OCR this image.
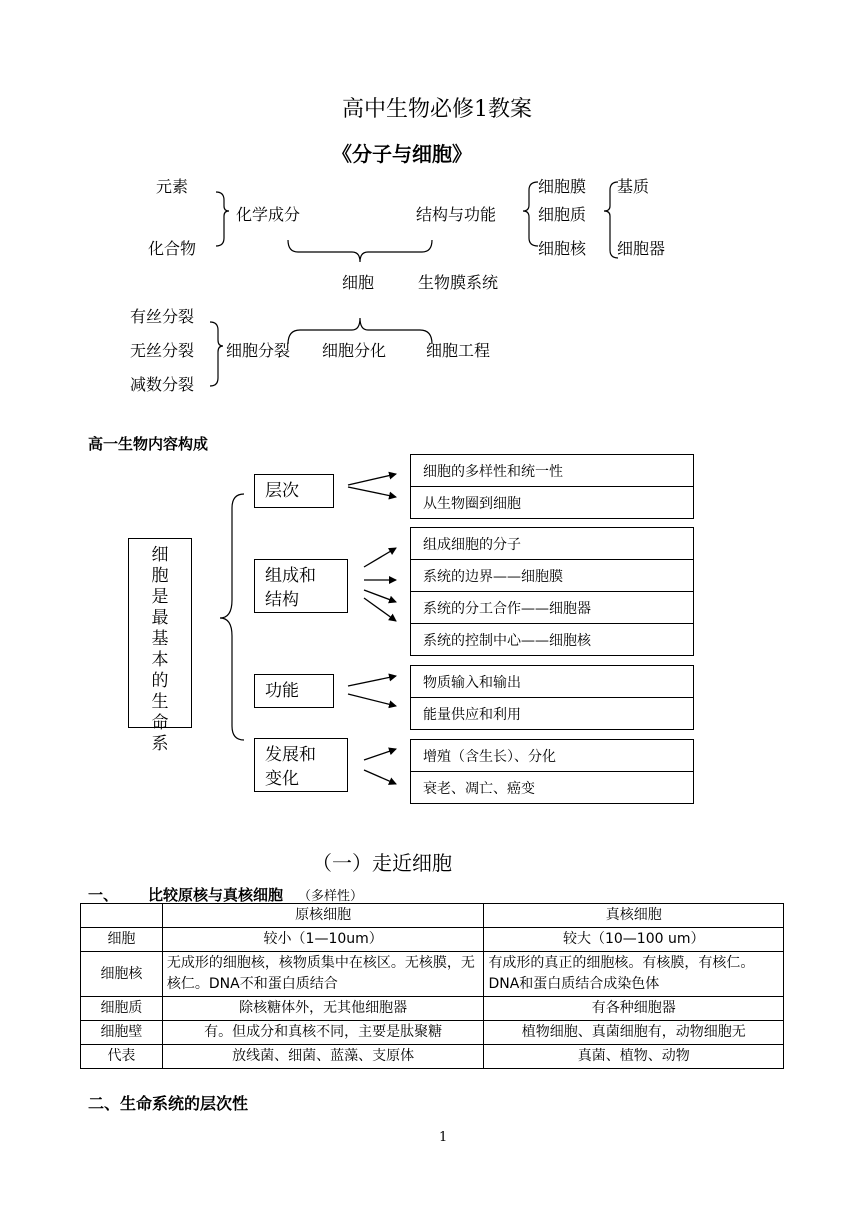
高中生物必修1教案
《分子与细胞》
元素
化合物
化学成分	结构与功能
细胞膜
细胞质
细胞核
基质
细胞器
细胞	生物膜系统
有丝分裂
无丝分裂
减数分裂
细胞分裂 细胞分化 细胞工程
高一生物内容构成
细
胞
是
最
基
本
的
生
命
系
层次
组成和
结构
功能
发展和
变化
细胞的多样性和统一性
从生物圈到细胞
组成细胞的分子
系统的边界——细胞膜
系统的分工合作——细胞器
系统的控制中心——细胞核
物质输入和输出
能量供应和利用
增殖（含生长）、分化
衰老、凋亡、癌变
（一）走近细胞
一、 比较原核与真核细胞 （多样性）
	原核细胞	真核细胞
细胞	较小（1—10um）	较大（10—100 um）
细胞核	无成形的细胞核，核物质集中在核区。无核膜，无核仁。DNA不和蛋白质结合	有成形的真正的细胞核。有核膜，有核仁。DNA和蛋白质结合成染色体
细胞质	除核糖体外，无其他细胞器	有各种细胞器
细胞壁	有。但成分和真核不同，主要是肽聚糖	植物细胞、真菌细胞有，动物细胞无
代表	放线菌、细菌、蓝藻、支原体	真菌、植物、动物
二、生命系统的层次性
1
